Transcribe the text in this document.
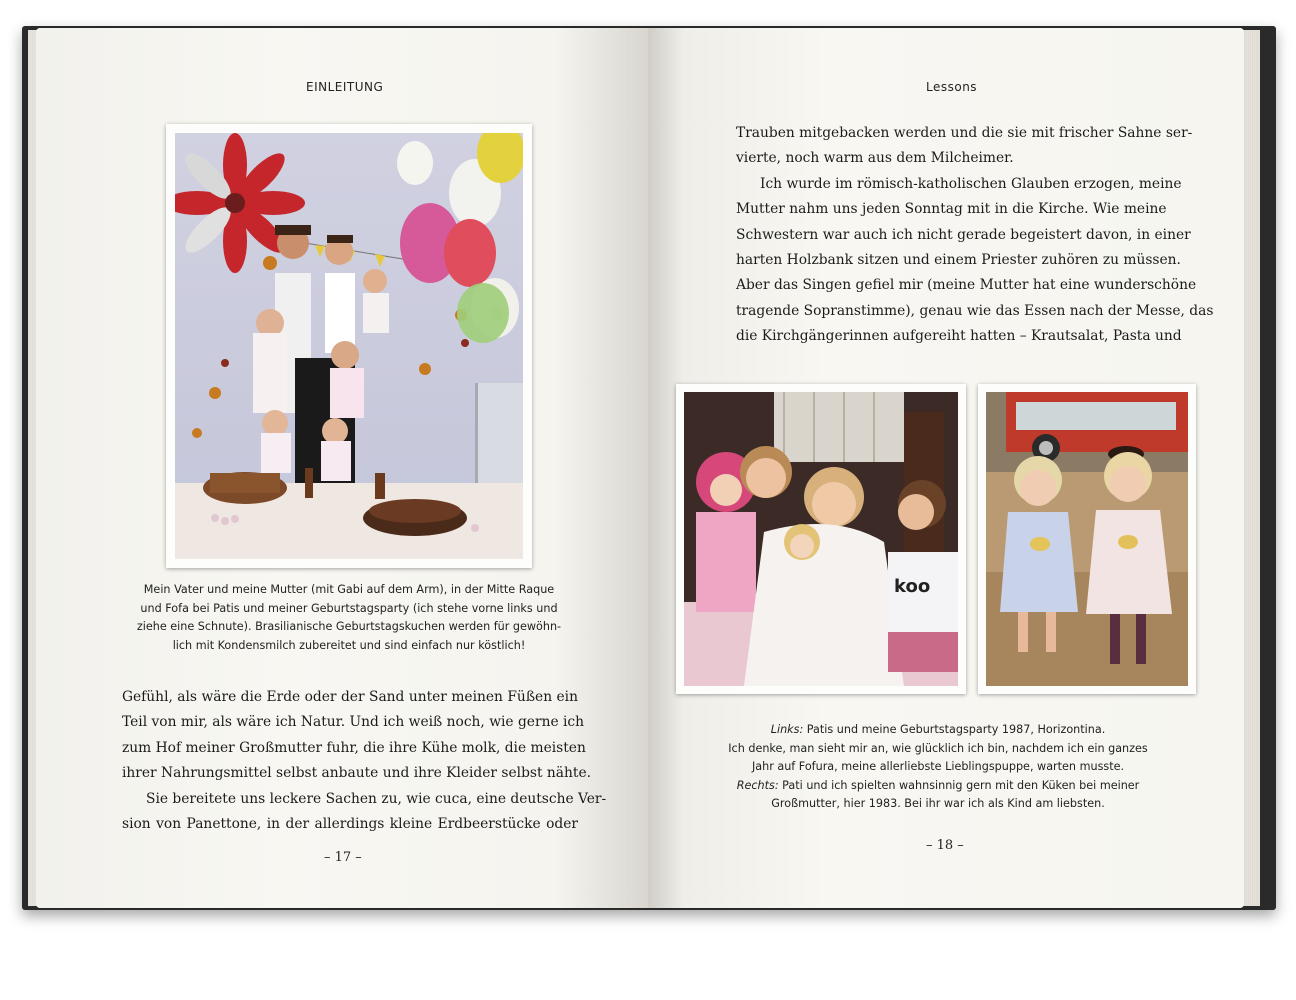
EINLEITUNG
Mein Vater und meine Mutter (mit Gabi auf dem Arm), in der Mitte Raque
und Fofa bei Patis und meiner Geburtstagsparty (ich stehe vorne links und
ziehe eine Schnute). Brasilianische Geburtstagskuchen werden für gewöhn-
lich mit Kondensmilch zubereitet und sind einfach nur köstlich!
Gefühl, als wäre die Erde oder der Sand unter meinen Füßen ein
Teil von mir, als wäre ich Natur. Und ich weiß noch, wie gerne ich
zum Hof meiner Großmutter fuhr, die ihre Kühe molk, die meisten
ihrer Nahrungsmittel selbst anbaute und ihre Kleider selbst nähte.
Sie bereitete uns leckere Sachen zu, wie cuca, eine deutsche Ver-
sion von Panettone, in der allerdings kleine Erdbeerstücke oder
– 17 –
Lessons
Trauben mitgebacken werden und die sie mit frischer Sahne ser-
vierte, noch warm aus dem Milcheimer.
Ich wurde im römisch-katholischen Glauben erzogen, meine
Mutter nahm uns jeden Sonntag mit in die Kirche. Wie meine
Schwestern war auch ich nicht gerade begeistert davon, in einer
harten Holzbank sitzen und einem Priester zuhören zu müssen.
Aber das Singen gefiel mir (meine Mutter hat eine wunderschöne
tragende Sopranstimme), genau wie das Essen nach der Messe, das
die Kirchgängerinnen aufgereiht hatten – Krautsalat, Pasta und
koo
Links: Patis und meine Geburtstagsparty 1987, Horizontina.
Ich denke, man sieht mir an, wie glücklich ich bin, nachdem ich ein ganzes
Jahr auf Fofura, meine allerliebste Lieblingspuppe, warten musste.
Rechts: Pati und ich spielten wahnsinnig gern mit den Küken bei meiner
Großmutter, hier 1983. Bei ihr war ich als Kind am liebsten.
– 18 –
